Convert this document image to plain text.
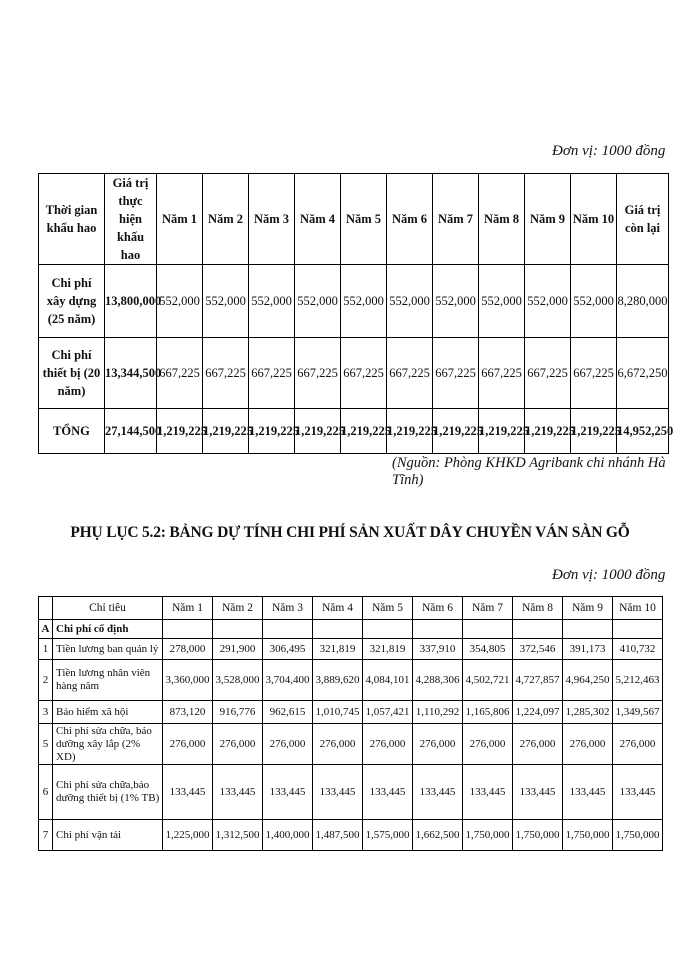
Đơn vị: 1000 đồng
Thời gian khấu hao	Giá trị thực hiện khấu hao	Năm 1	Năm 2	Năm 3	Năm 4	Năm 5	Năm 6	Năm 7	Năm 8	Năm 9	Năm 10	Giá trị còn lại
Chi phí xây dựng (25 năm)	13,800,000	552,000	552,000	552,000	552,000	552,000	552,000	552,000	552,000	552,000	552,000	8,280,000
Chi phí thiết bị (20 năm)	13,344,500	667,225	667,225	667,225	667,225	667,225	667,225	667,225	667,225	667,225	667,225	6,672,250
TỔNG	27,144,500	1,219,225	1,219,225	1,219,225	1,219,225	1,219,225	1,219,225	1,219,225	1,219,225	1,219,225	1,219,225	14,952,250
(Nguồn: Phòng KHKD Agribank chi nhánh Hà Tĩnh)
PHỤ LỤC 5.2: BẢNG DỰ TÍNH CHI PHÍ SẢN XUẤT DÂY CHUYỀN VÁN SÀN GỖ
Đơn vị: 1000 đồng
	Chỉ tiêu	Năm 1	Năm 2	Năm 3	Năm 4	Năm 5	Năm 6	Năm 7	Năm 8	Năm 9	Năm 10
A	Chi phí cố định										
1	Tiền lương ban quản lý	278,000	291,900	306,495	321,819	321,819	337,910	354,805	372,546	391,173	410,732
2	Tiền lương nhân viên hàng năm	3,360,000	3,528,000	3,704,400	3,889,620	4,084,101	4,288,306	4,502,721	4,727,857	4,964,250	5,212,463
3	Bảo hiểm xã hội	873,120	916,776	962,615	1,010,745	1,057,421	1,110,292	1,165,806	1,224,097	1,285,302	1,349,567
5	Chi phí sửa chữa, bảo dưỡng xây lắp (2% XD)	276,000	276,000	276,000	276,000	276,000	276,000	276,000	276,000	276,000	276,000
6	Chi phí sửa chữa,bảo dưỡng thiết bị (1% TB)	133,445	133,445	133,445	133,445	133,445	133,445	133,445	133,445	133,445	133,445
7	Chi phí vận tải	1,225,000	1,312,500	1,400,000	1,487,500	1,575,000	1,662,500	1,750,000	1,750,000	1,750,000	1,750,000
